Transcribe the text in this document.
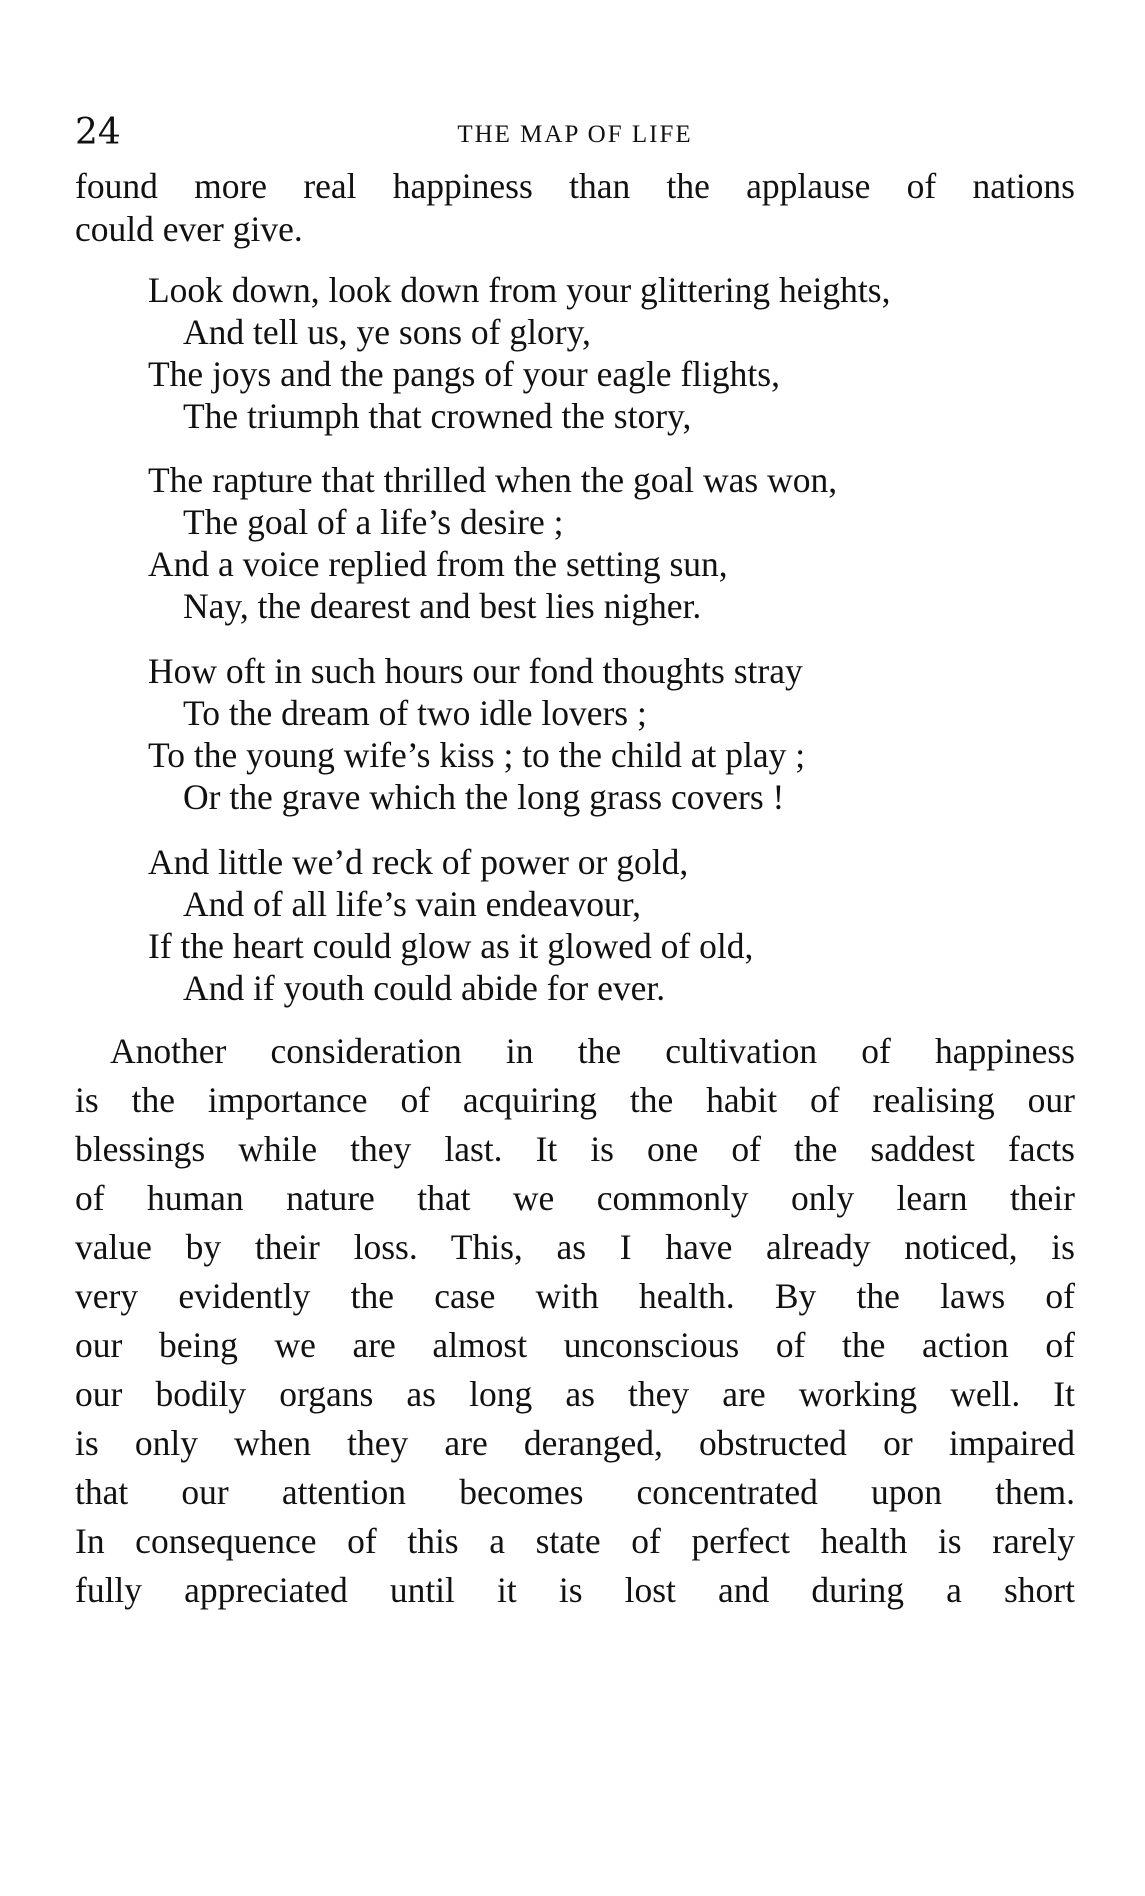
24	THE MAP OF LIFE
found more real happiness than the applause of nations
could ever give.
Look down, look down from your glittering heights,
And tell us, ye sons of glory,
The joys and the pangs of your eagle flights,
The triumph that crowned the story,
The rapture that thrilled when the goal was won,
The goal of a life’s desire ;
And a voice replied from the setting sun,
Nay, the dearest and best lies nigher.
How oft in such hours our fond thoughts stray
To the dream of two idle lovers ;
To the young wife’s kiss ; to the child at play ;
Or the grave which the long grass covers !
And little we’d reck of power or gold,
And of all life’s vain endeavour,
If the heart could glow as it glowed of old,
And if youth could abide for ever.
Another consideration in the cultivation of happiness
is the importance of acquiring the habit of realising our
blessings while they last. It is one of the saddest facts
of human nature that we commonly only learn their
value by their loss. This, as I have already noticed, is
very evidently the case with health. By the laws of
our being we are almost unconscious of the action of
our bodily organs as long as they are working well. It
is only when they are deranged, obstructed or impaired
that our attention becomes concentrated upon them.
In consequence of this a state of perfect health is rarely
fully appreciated until it is lost and during a short
